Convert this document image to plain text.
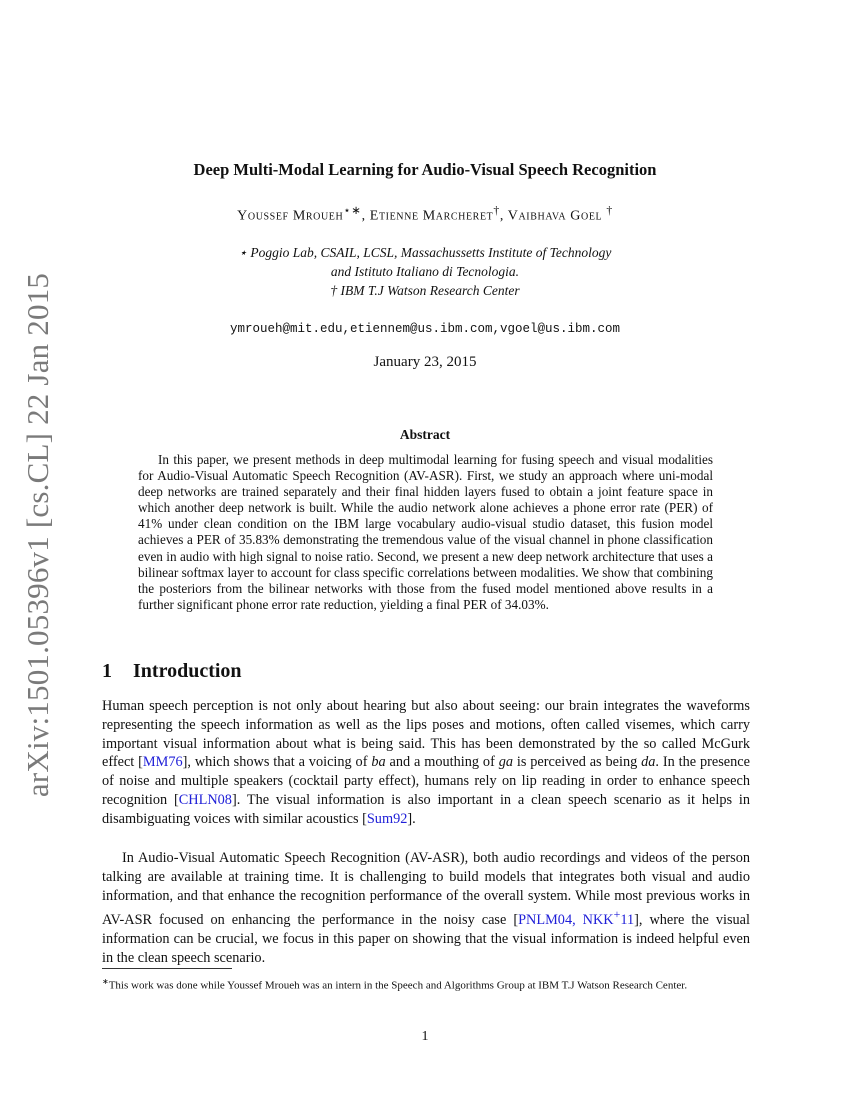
arXiv:1501.05396v1 [cs.CL] 22 Jan 2015
Deep Multi-Modal Learning for Audio-Visual Speech Recognition
Youssef Mroueh⋆∗, Etienne Marcheret†, Vaibhava Goel †
⋆ Poggio Lab, CSAIL, LCSL, Massachussetts Institute of Technology
and Istituto Italiano di Tecnologia.
† IBM T.J Watson Research Center
ymroueh@mit.edu,etiennem@us.ibm.com,vgoel@us.ibm.com
January 23, 2015
Abstract

In this paper, we present methods in deep multimodal learning for fusing speech and visual modalities for Audio-Visual Automatic Speech Recognition (AV-ASR). First, we study an approach where uni-modal deep networks are trained separately and their final hidden layers fused to obtain a joint feature space in which another deep network is built. While the audio network alone achieves a phone error rate (PER) of 41% under clean condition on the IBM large vocabulary audio-visual studio dataset, this fusion model achieves a PER of 35.83% demonstrating the tremendous value of the visual channel in phone classification even in audio with high signal to noise ratio. Second, we present a new deep network architecture that uses a bilinear softmax layer to account for class specific correlations between modalities. We show that combining the posteriors from the bilinear networks with those from the fused model mentioned above results in a further significant phone error rate reduction, yielding a final PER of 34.03%.

1 Introduction

Human speech perception is not only about hearing but also about seeing: our brain integrates the waveforms representing the speech information as well as the lips poses and motions, often called visemes, which carry important visual information about what is being said. This has been demonstrated by the so called McGurk effect [MM76], which shows that a voicing of ba and a mouthing of ga is perceived as being da. In the presence of noise and multiple speakers (cocktail party effect), humans rely on lip reading in order to enhance speech recognition [CHLN08]. The visual information is also important in a clean speech scenario as it helps in disambiguating voices with similar acoustics [Sum92].

In Audio-Visual Automatic Speech Recognition (AV-ASR), both audio recordings and videos of the person talking are available at training time. It is challenging to build models that integrates both visual and audio information, and that enhance the recognition performance of the overall system. While most previous works in AV-ASR focused on enhancing the performance in the noisy case [PNLM04, NKK+11], where the visual information can be crucial, we focus in this paper on showing that the visual information is indeed helpful even in the clean speech scenario.

∗This work was done while Youssef Mroueh was an intern in the Speech and Algorithms Group at IBM T.J Watson Research Center.
1
